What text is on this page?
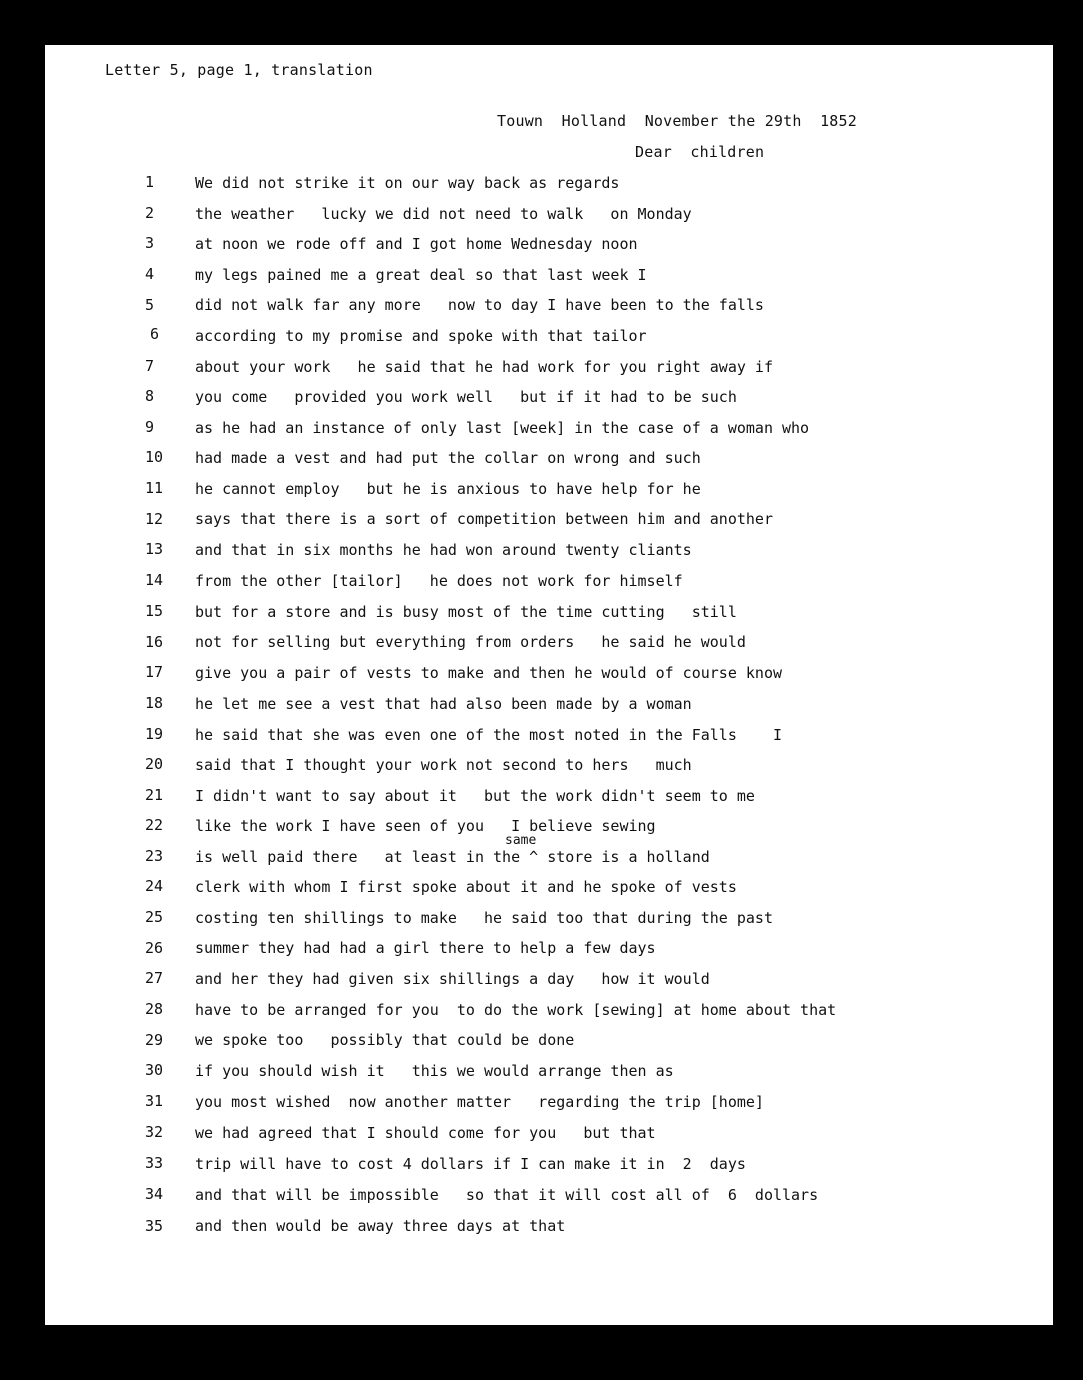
Letter 5, page 1, translation
Touwn  Holland  November the 29th  1852
Dear  children
1	We did not strike it on our way back as regards
2	the weather   lucky we did not need to walk   on Monday
3	at noon we rode off and I got home Wednesday noon
4	my legs pained me a great deal so that last week I
5	did not walk far any more   now to day I have been to the falls
6	according to my promise and spoke with that tailor
7	about your work   he said that he had work for you right away if
8	you come   provided you work well   but if it had to be such
9	as he had an instance of only last [week] in the case of a woman who
10	had made a vest and had put the collar on wrong and such
11	he cannot employ   but he is anxious to have help for he
12	says that there is a sort of competition between him and another
13	and that in six months he had won around twenty cliants
14	from the other [tailor]   he does not work for himself
15	but for a store and is busy most of the time cutting   still
16	not for selling but everything from orders   he said he would
17	give you a pair of vests to make and then he would of course know
18	he let me see a vest that had also been made by a woman
19	he said that she was even one of the most noted in the Falls    I
20	said that I thought your work not second to hers   much
21	I didn't want to say about it   but the work didn't seem to me
22	like the work I have seen of you   I believe sewing
same
23	is well paid there   at least in the ^ store is a holland
24	clerk with whom I first spoke about it and he spoke of vests
25	costing ten shillings to make   he said too that during the past
26	summer they had had a girl there to help a few days
27	and her they had given six shillings a day   how it would
28	have to be arranged for you  to do the work [sewing] at home about that
29	we spoke too   possibly that could be done
30	if you should wish it   this we would arrange then as
31	you most wished  now another matter   regarding the trip [home]
32	we had agreed that I should come for you   but that
33	trip will have to cost 4 dollars if I can make it in  2  days
34	and that will be impossible   so that it will cost all of  6  dollars
35	and then would be away three days at that
